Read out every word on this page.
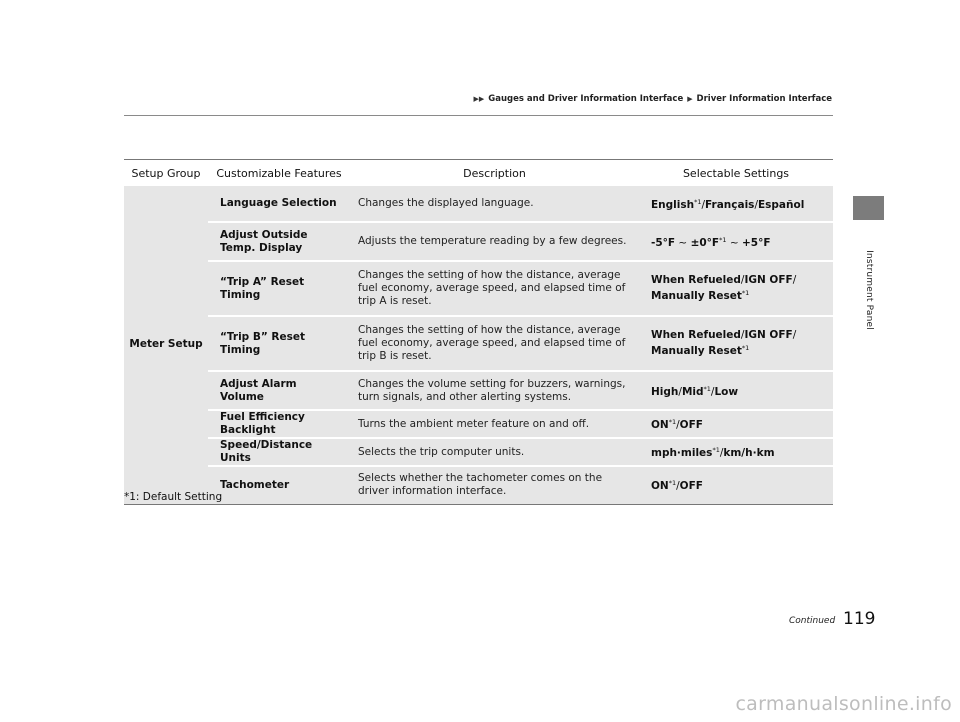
▶▶ Gauges and Driver Information Interface ▶ Driver Information Interface
Instrument Panel
Setup Group	Customizable Features	Description	Selectable Settings
Meter Setup	Language Selection	Changes the displayed language.	English$^{*1}$/Français/Español
	Adjust Outside Temp. Display	Adjusts the temperature reading by a few degrees.	-5°F ~ $\pm 0^\circ F^{*1}$ ~ +5°F
	“Trip A” Reset Timing	Changes the setting of how the distance, average fuel economy, average speed, and elapsed time of trip A is reset.	When Refueled/IGN OFF/
Manually Reset$^{*1}$
	“Trip B” Reset Timing	Changes the setting of how the distance, average fuel economy, average speed, and elapsed time of trip B is reset.	When Refueled/IGN OFF/
Manually Reset$^{*1}$
	Adjust Alarm Volume	Changes the volume setting for buzzers, warnings, turn signals, and other alerting systems.	High/Mid$^{*1}$/Low
	Fuel Efficiency Backlight	Turns the ambient meter feature on and off.	ON$^{*1}$/OFF
	Speed/Distance Units	Selects the trip computer units.	mph·miles$^{*1}$/km/h·km
	Tachometer	Selects whether the tachometer comes on the driver information interface.	ON$^{*1}$/OFF
*1: Default Setting
Continued 119
carmanualsonline.info
